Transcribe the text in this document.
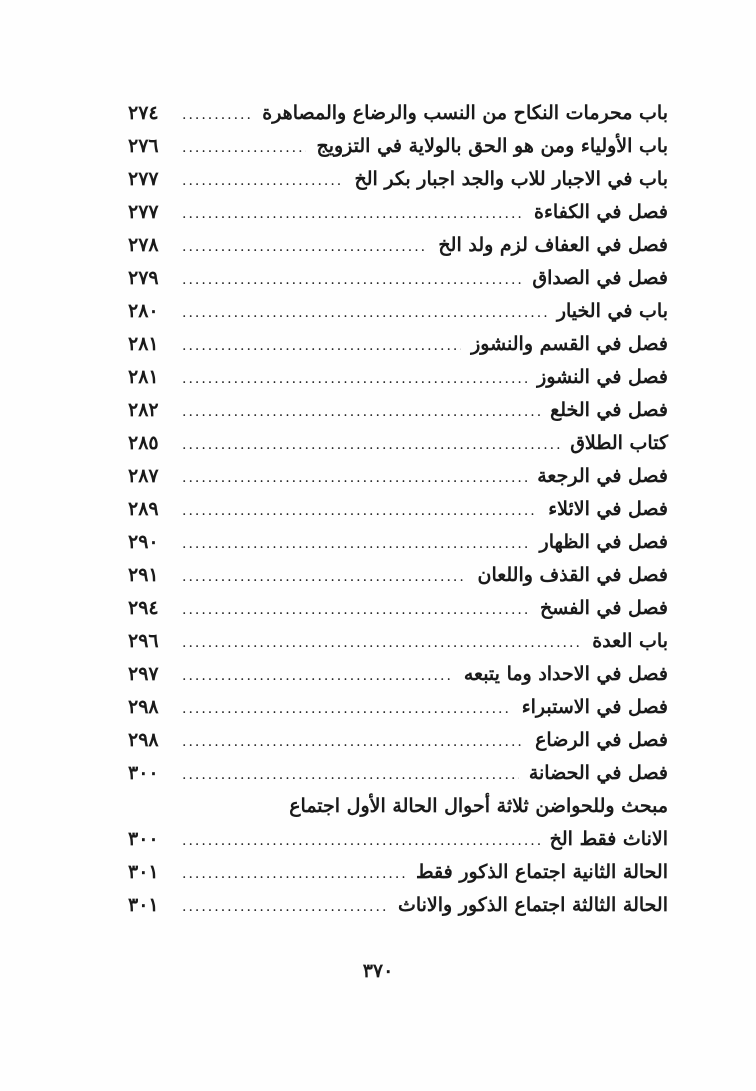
باب محرمات النكاح من النسب والرضاع والمصاهرة
.....
٢٧٤
باب الأولياء ومن هو الحق بالولاية في التزويج
.....
٢٧٦
باب في الاجبار للاب والجد اجبار بكر الخ
.....
٢٧٧
فصل في الكفاءة
.....
٢٧٧
فصل في العفاف لزم ولد الخ
.....
٢٧٨
فصل في الصداق
.....
٢٧٩
باب في الخيار
.....
٢٨٠
فصل في القسم والنشوز
.....
٢٨١
فصل في النشوز
.....
٢٨١
فصل في الخلع
.....
٢٨٢
كتاب الطلاق
.....
٢٨٥
فصل في الرجعة
.....
٢٨٧
فصل في الائلاء
.....
٢٨٩
فصل في الظهار
.....
٢٩٠
فصل في القذف واللعان
.....
٢٩١
فصل في الفسخ
.....
٢٩٤
باب العدة
.....
٢٩٦
فصل في الاحداد وما يتبعه
.....
٢٩٧
فصل في الاستبراء
.....
٢٩٨
فصل في الرضاع
.....
٢٩٨
فصل في الحضانة
.....
٣٠٠
مبحث وللحواضن ثلاثة أحوال الحالة الأول اجتماع
الاناث فقط الخ
.....
٣٠٠
الحالة الثانية اجتماع الذكور فقط
.....
٣٠١
الحالة الثالثة اجتماع الذكور والاناث
.....
٣٠١
٣٧٠
